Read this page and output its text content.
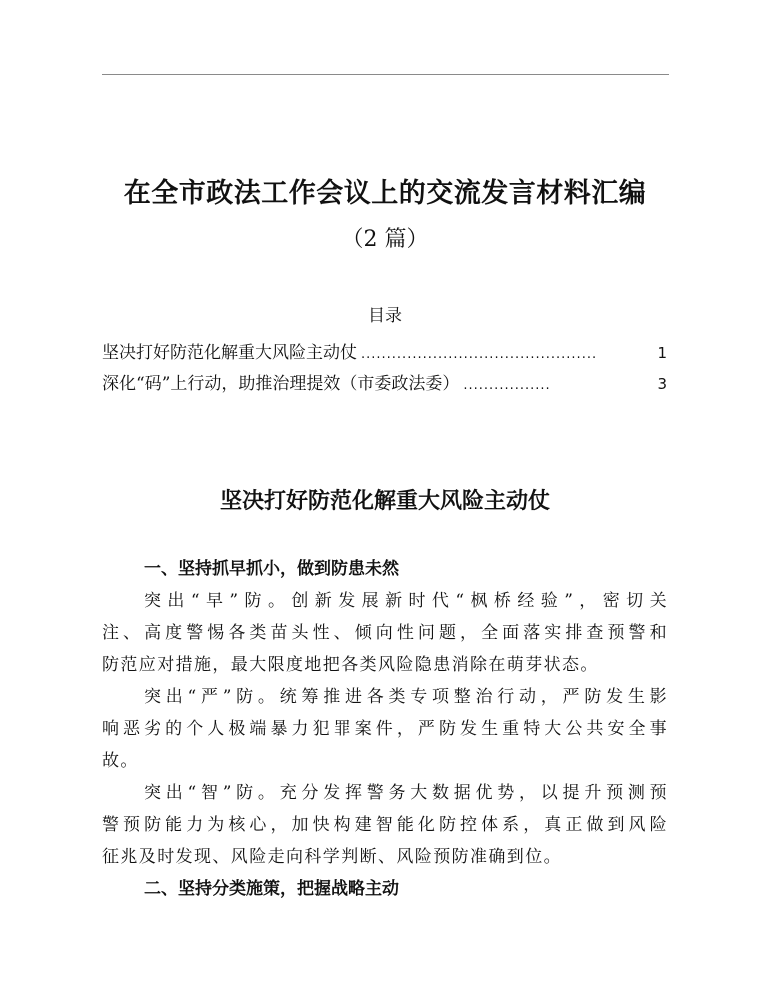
在全市政法工作会议上的交流发言材料汇编
（2 篇）
目录
坚决打好防范化解重大风险主动仗 ..............................................	1
深化“码”上行动，助推治理提效（市委政法委） .................	3
坚决打好防范化解重大风险主动仗
一、坚持抓早抓小，做到防患未然
突出“早”防。创新发展新时代“枫桥经验”，密切关
注、高度警惕各类苗头性、倾向性问题，全面落实排查预警和
防范应对措施，最大限度地把各类风险隐患消除在萌芽状态。
突出“严”防。统筹推进各类专项整治行动，严防发生影
响恶劣的个人极端暴力犯罪案件，严防发生重特大公共安全事
故。
突出“智”防。充分发挥警务大数据优势，以提升预测预
警预防能力为核心，加快构建智能化防控体系，真正做到风险
征兆及时发现、风险走向科学判断、风险预防准确到位。
二、坚持分类施策，把握战略主动
